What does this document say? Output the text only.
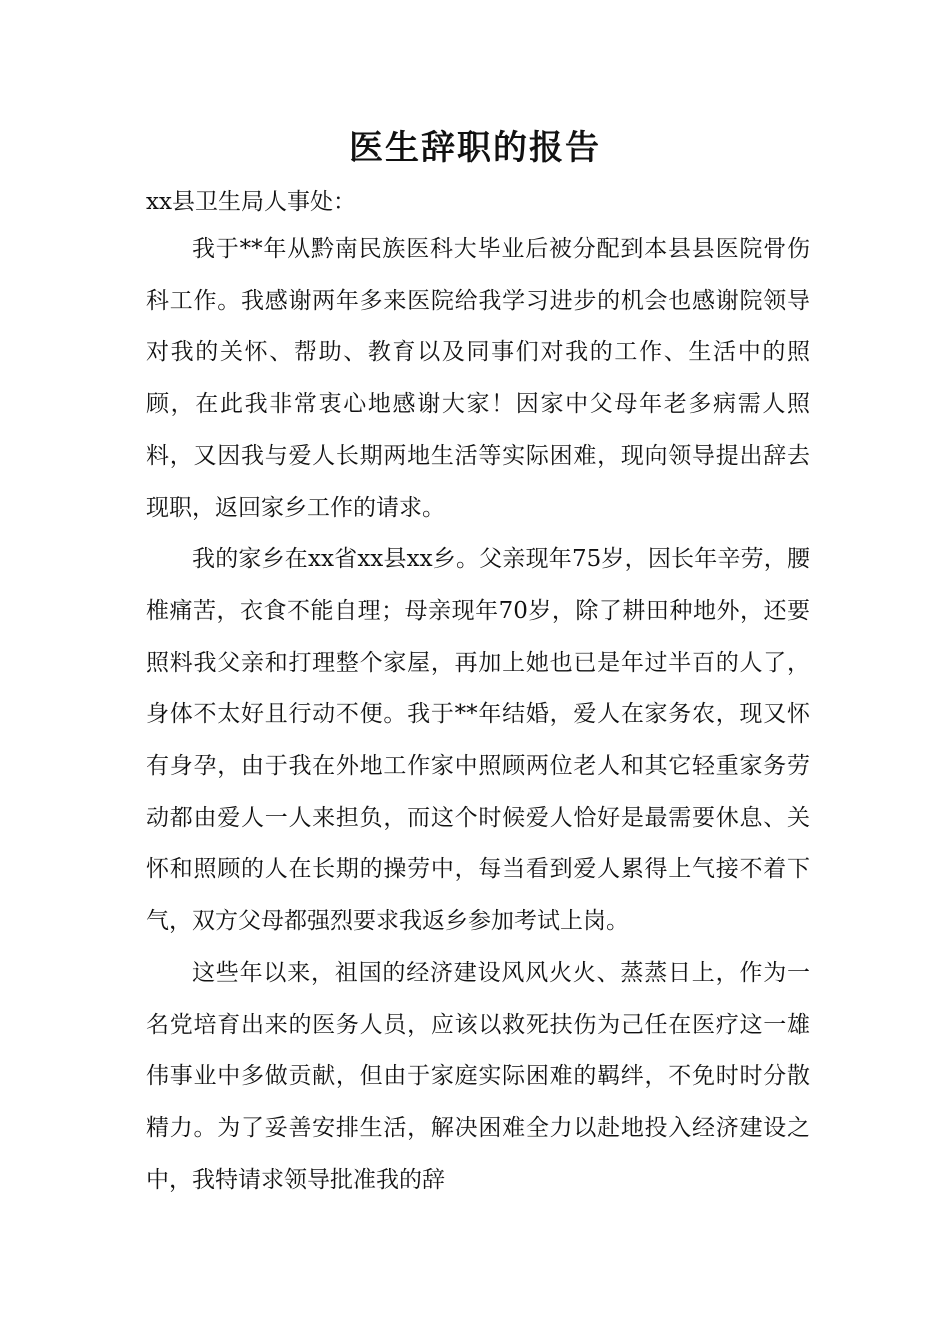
医生辞职的报告

xx县卫生局人事处：

我于**年从黔南民族医科大毕业后被分配到本县县医院骨伤科工作。我感谢两年多来医院给我学习进步的机会也感谢院领导对我的关怀、帮助、教育以及同事们对我的工作、生活中的照顾，在此我非常衷心地感谢大家！因家中父母年老多病需人照料，又因我与爱人长期两地生活等实际困难，现向领导提出辞去现职，返回家乡工作的请求。

我的家乡在xx省xx县xx乡。父亲现年75岁，因长年辛劳，腰椎痛苦，衣食不能自理；母亲现年70岁，除了耕田种地外，还要照料我父亲和打理整个家屋，再加上她也已是年过半百的人了，身体不太好且行动不便。我于**年结婚，爱人在家务农，现又怀有身孕，由于我在外地工作家中照顾两位老人和其它轻重家务劳动都由爱人一人来担负，而这个时候爱人恰好是最需要休息、关怀和照顾的人在长期的操劳中，每当看到爱人累得上气接不着下气，双方父母都强烈要求我返乡参加考试上岗。

这些年以来，祖国的经济建设风风火火、蒸蒸日上，作为一名党培育出来的医务人员，应该以救死扶伤为己任在医疗这一雄伟事业中多做贡献，但由于家庭实际困难的羁绊，不免时时分散精力。为了妥善安排生活，解决困难全力以赴地投入经济建设之中，我特请求领导批准我的辞
